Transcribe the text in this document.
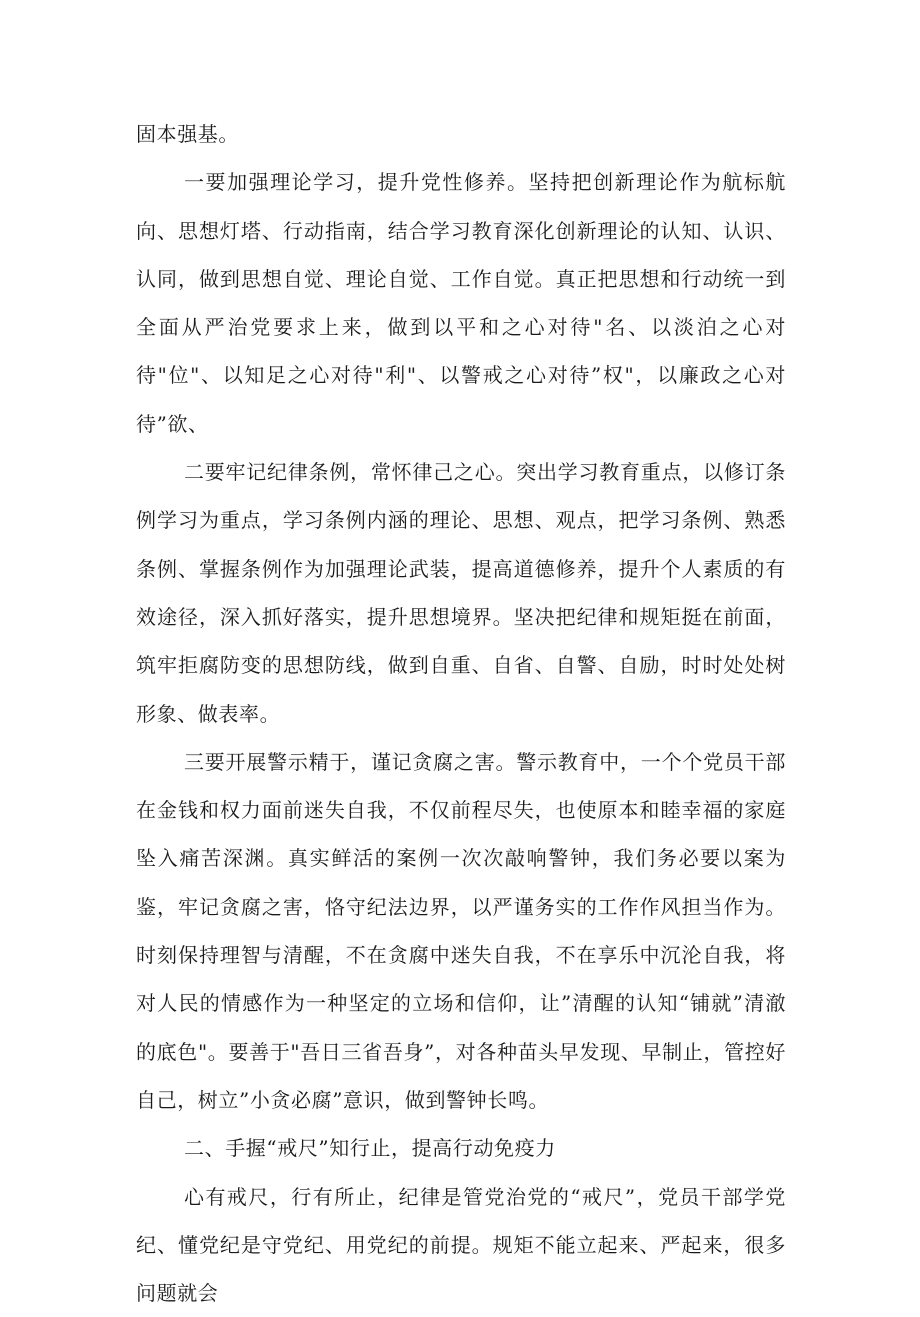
固本强基。

一要加强理论学习，提升党性修养。坚持把创新理论作为航标航向、思想灯塔、行动指南，结合学习教育深化创新理论的认知、认识、认同，做到思想自觉、理论自觉、工作自觉。真正把思想和行动统一到全面从严治党要求上来，做到以平和之心对待"名、以淡泊之心对待"位"、以知足之心对待"利"、以警戒之心对待”权"，以廉政之心对待”欲、

二要牢记纪律条例，常怀律己之心。突出学习教育重点，以修订条例学习为重点，学习条例内涵的理论、思想、观点，把学习条例、熟悉条例、掌握条例作为加强理论武装，提高道德修养，提升个人素质的有效途径，深入抓好落实，提升思想境界。坚决把纪律和规矩挺在前面，筑牢拒腐防变的思想防线，做到自重、自省、自警、自励，时时处处树形象、做表率。

三要开展警示精于，谨记贪腐之害。警示教育中，一个个党员干部在金钱和权力面前迷失自我，不仅前程尽失，也使原本和睦幸福的家庭坠入痛苦深渊。真实鲜活的案例一次次敲响警钟，我们务必要以案为鉴，牢记贪腐之害，恪守纪法边界，以严谨务实的工作作风担当作为。时刻保持理智与清醒，不在贪腐中迷失自我，不在享乐中沉沦自我，将对人民的情感作为一种坚定的立场和信仰，让”清醒的认知“铺就”清澈的底色"。要善于"吾日三省吾身”，对各种苗头早发现、早制止，管控好自己，树立”小贪必腐”意识，做到警钟长鸣。

二、手握“戒尺”知行止，提高行动免疫力

心有戒尺，行有所止，纪律是管党治党的“戒尺”，党员干部学党纪、懂党纪是守党纪、用党纪的前提。规矩不能立起来、严起来，很多问题就会
